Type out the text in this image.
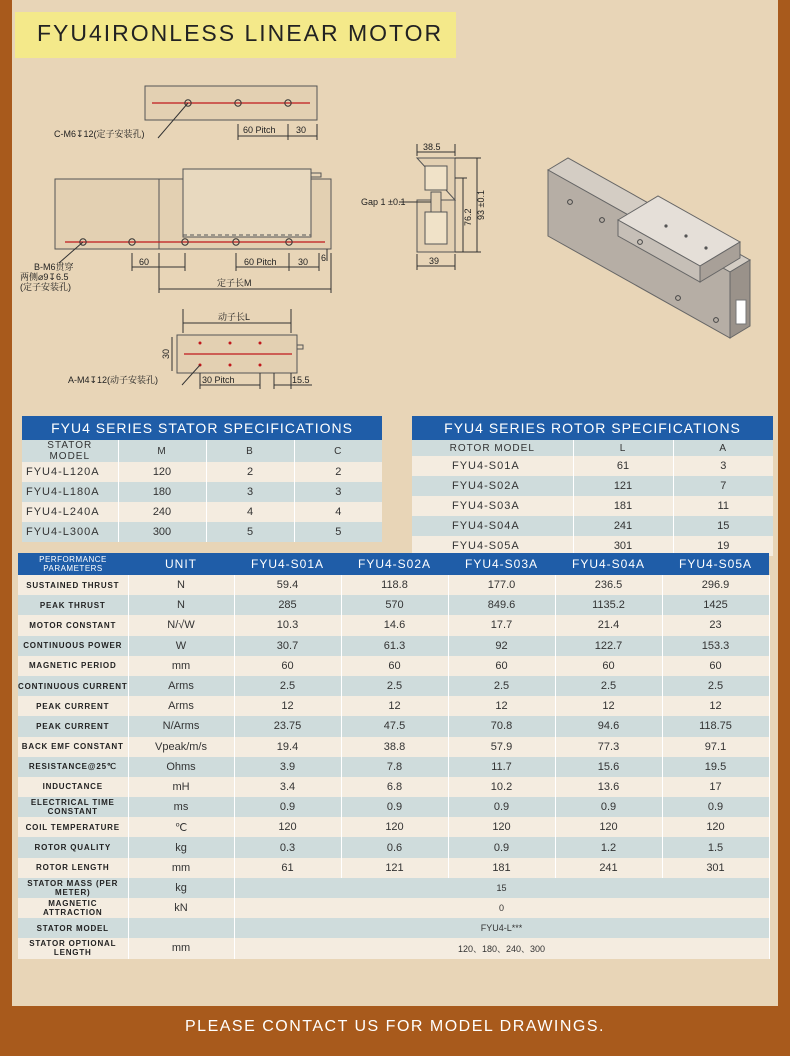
FYU4IRONLESS LINEAR MOTOR
C-M6↧12(定子安装孔)	60 Pitch 30
60	60 Pitch 30 6
定子长M
B-M6贯穿
两侧⌀9↧6.5
(定子安装孔)
动子长L
30
30 Pitch	15.5
A-M4↧12(动子安装孔)
38.5
Gap 1 ±0.1
76.2 93 ±0.1
39
FYU4 SERIES STATOR SPECIFICATIONS			
STATOR MODEL	M	B	C
FYU4-L120A	120	2	2
FYU4-L180A	180	3	3
FYU4-L240A	240	4	4
FYU4-L300A	300	5	5
FYU4 SERIES ROTOR SPECIFICATIONS		
ROTOR MODEL	L	A
FYU4-S01A	61	3
FYU4-S02A	121	7
FYU4-S03A	181	11
FYU4-S04A	241	15
FYU4-S05A	301	19
PERFORMANCE PARAMETERS	UNIT	FYU4-S01A	FYU4-S02A	FYU4-S03A	FYU4-S04A	FYU4-S05A
SUSTAINED THRUST	N	59.4	118.8	177.0	236.5	296.9
PEAK THRUST	N	285	570	849.6	1135.2	1425
MOTOR CONSTANT	N/√W	10.3	14.6	17.7	21.4	23
CONTINUOUS POWER	W	30.7	61.3	92	122.7	153.3
MAGNETIC PERIOD	mm	60	60	60	60	60
CONTINUOUS CURRENT	Arms	2.5	2.5	2.5	2.5	2.5
PEAK CURRENT	Arms	12	12	12	12	12
PEAK CURRENT	N/Arms	23.75	47.5	70.8	94.6	118.75
BACK EMF CONSTANT	Vpeak/m/s	19.4	38.8	57.9	77.3	97.1
RESISTANCE@25℃	Ohms	3.9	7.8	11.7	15.6	19.5
INDUCTANCE	mH	3.4	6.8	10.2	13.6	17
ELECTRICAL TIME CONSTANT	ms	0.9	0.9	0.9	0.9	0.9
COIL TEMPERATURE	℃	120	120	120	120	120
ROTOR QUALITY	kg	0.3	0.6	0.9	1.2	1.5
ROTOR LENGTH	mm	61	121	181	241	301
STATOR MASS (PER METER)	kg	15				
MAGNETIC ATTRACTION	kN	0				
STATOR MODEL		FYU4-L***				
STATOR OPTIONAL LENGTH	mm	120、180、240、300				
PLEASE CONTACT US FOR MODEL DRAWINGS.
